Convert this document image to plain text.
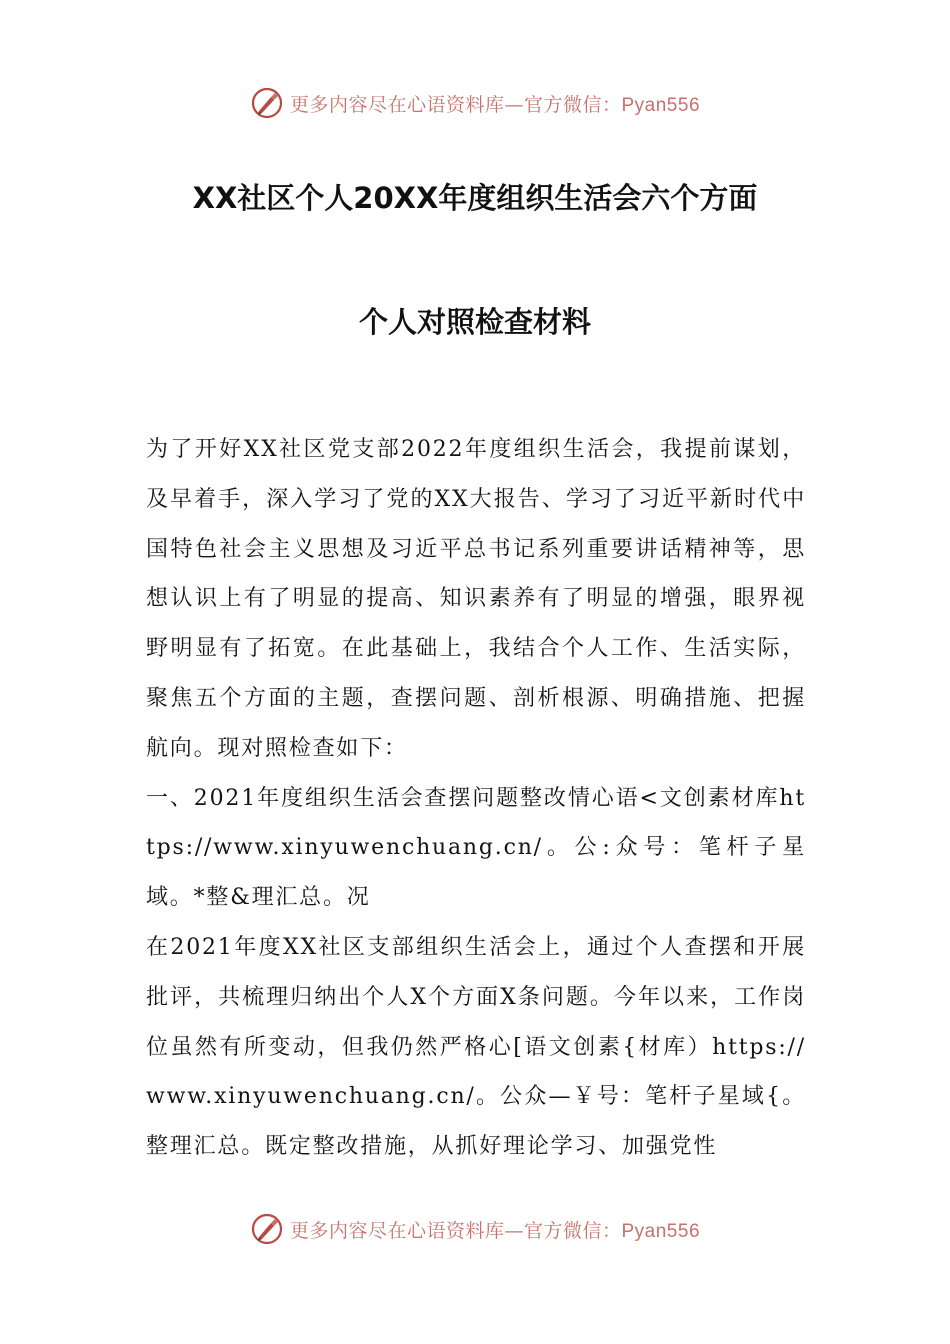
更多内容尽在心语资料库—官方微信：Pyan556
XX社区个人20XX年度组织生活会六个方面
个人对照检查材料

为了开好XX社区党支部2022年度组织生活会，我提前谋划，及早着手，深入学习了党的XX大报告、学习了习近平新时代中国特色社会主义思想及习近平总书记系列重要讲话精神等，思想认识上有了明显的提高、知识素养有了明显的增强，眼界视野明显有了拓宽。在此基础上，我结合个人工作、生活实际，聚焦五个方面的主题，查摆问题、剖析根源、明确措施、把握航向。现对照检查如下：

一、2021年度组织生活会查摆问题整改情心语<文创素材库https://www.xinyuwenchuang.cn/。公:众号：笔杆子星域。*整&理汇总。况

在2021年度XX社区支部组织生活会上，通过个人查摆和开展批评，共梳理归纳出个人X个方面X条问题。今年以来，工作岗位虽然有所变动，但我仍然严格心[语文创素{材库）https://www.xinyuwenchuang.cn/。公众—￥号：笔杆子星域{。整理汇总。既定整改措施，从抓好理论学习、加强党性

更多内容尽在心语资料库—官方微信：Pyan556
